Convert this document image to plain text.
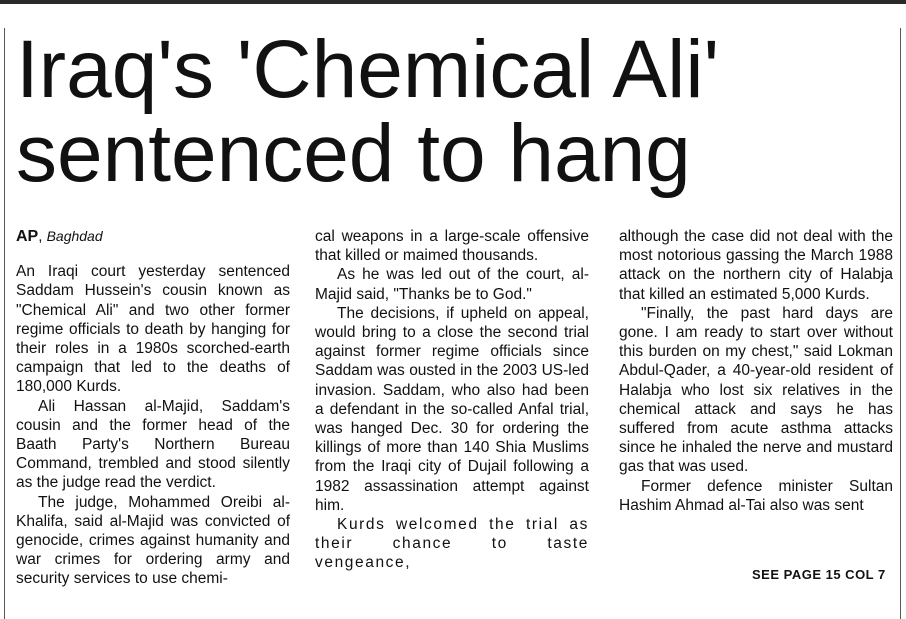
Iraq's 'Chemical Ali'
sentenced to hang
AP, Baghdad

An Iraqi court yesterday sentenced Saddam Hussein's cousin known as "Chemical Ali" and two other former regime officials to death by hanging for their roles in a 1980s scorched-earth campaign that led to the deaths of 180,000 Kurds.

Ali Hassan al-Majid, Saddam's cousin and the former head of the Baath Party's Northern Bureau Command, trembled and stood silently as the judge read the verdict.

The judge, Mohammed Oreibi al-Khalifa, said al-Majid was convicted of genocide, crimes against humanity and war crimes for ordering army and security services to use chemi-

cal weapons in a large-scale offensive that killed or maimed thousands.

As he was led out of the court, al-Majid said, "Thanks be to God."

The decisions, if upheld on appeal, would bring to a close the second trial against former regime officials since Saddam was ousted in the 2003 US-led invasion. Saddam, who also had been a defendant in the so-called Anfal trial, was hanged Dec. 30 for ordering the killings of more than 140 Shia Muslims from the Iraqi city of Dujail following a 1982 assassination attempt against him.

Kurds welcomed the trial as their chance to taste vengeance,

although the case did not deal with the most notorious gassing the March 1988 attack on the northern city of Halabja that killed an estimated 5,000 Kurds.

"Finally, the past hard days are gone. I am ready to start over without this burden on my chest," said Lokman Abdul-Qader, a 40-year-old resident of Halabja who lost six relatives in the chemical attack and says he has suffered from acute asthma attacks since he inhaled the nerve and mustard gas that was used.

Former defence minister Sultan Hashim Ahmad al-Tai also was sent

SEE PAGE 15 COL 7
